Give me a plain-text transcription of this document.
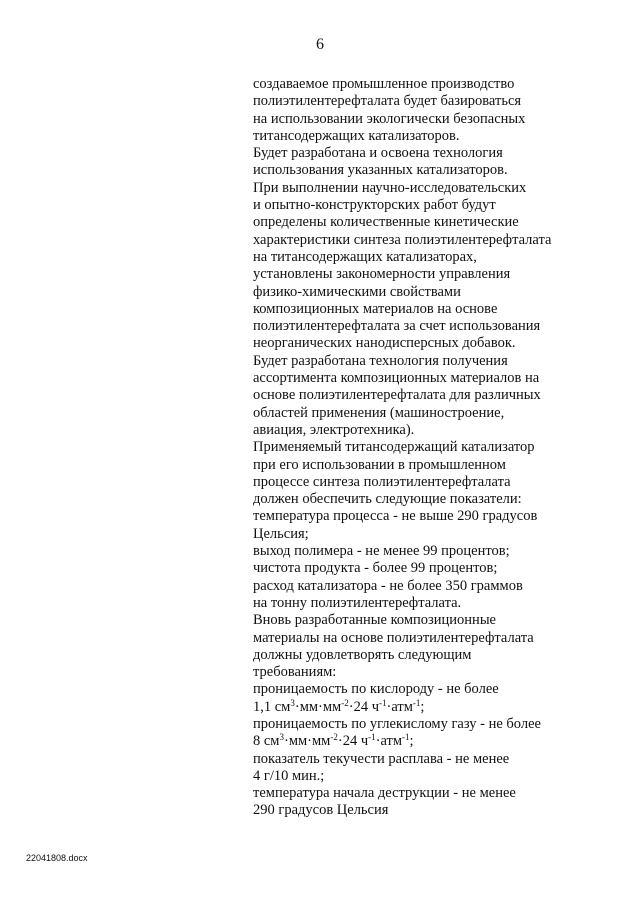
6
создаваемое промышленное производство
полиэтилентерефталата будет базироваться
на использовании экологически безопасных
титансодержащих катализаторов.
Будет разработана и освоена технология
использования указанных катализаторов.
При выполнении научно-исследовательских
и опытно-конструкторских работ будут
определены количественные кинетические
характеристики синтеза полиэтилентерефталата
на титансодержащих катализаторах,
установлены закономерности управления
физико-химическими свойствами
композиционных материалов на основе
полиэтилентерефталата за счет использования
неорганических нанодисперсных добавок.
Будет разработана технология получения
ассортимента композиционных материалов на
основе полиэтилентерефталата для различных
областей применения (машиностроение,
авиация, электротехника).
Применяемый титансодержащий катализатор
при его использовании в промышленном
процессе синтеза полиэтилентерефталата
должен обеспечить следующие показатели:
температура процесса - не выше 290 градусов
Цельсия;
выход полимера - не менее 99 процентов;
чистота продукта - более 99 процентов;
расход катализатора - не более 350 граммов
на тонну полиэтилентерефталата.
Вновь разработанные композиционные
материалы на основе полиэтилентерефталата
должны удовлетворять следующим
требованиям:
проницаемость по кислороду - не более
1,1 $см^3\cdot мм\cdot мм^{-2}\cdot 24$ $ч^{-1}\cdot атм^{-1}$;
проницаемость по углекислому газу - не более
8 $см^3\cdot мм\cdot мм^{-2}\cdot 24$ $ч^{-1}\cdot атм^{-1}$;
показатель текучести расплава - не менее
4 г/10 мин.;
температура начала деструкции - не менее
290 градусов Цельсия
22041808.docx
